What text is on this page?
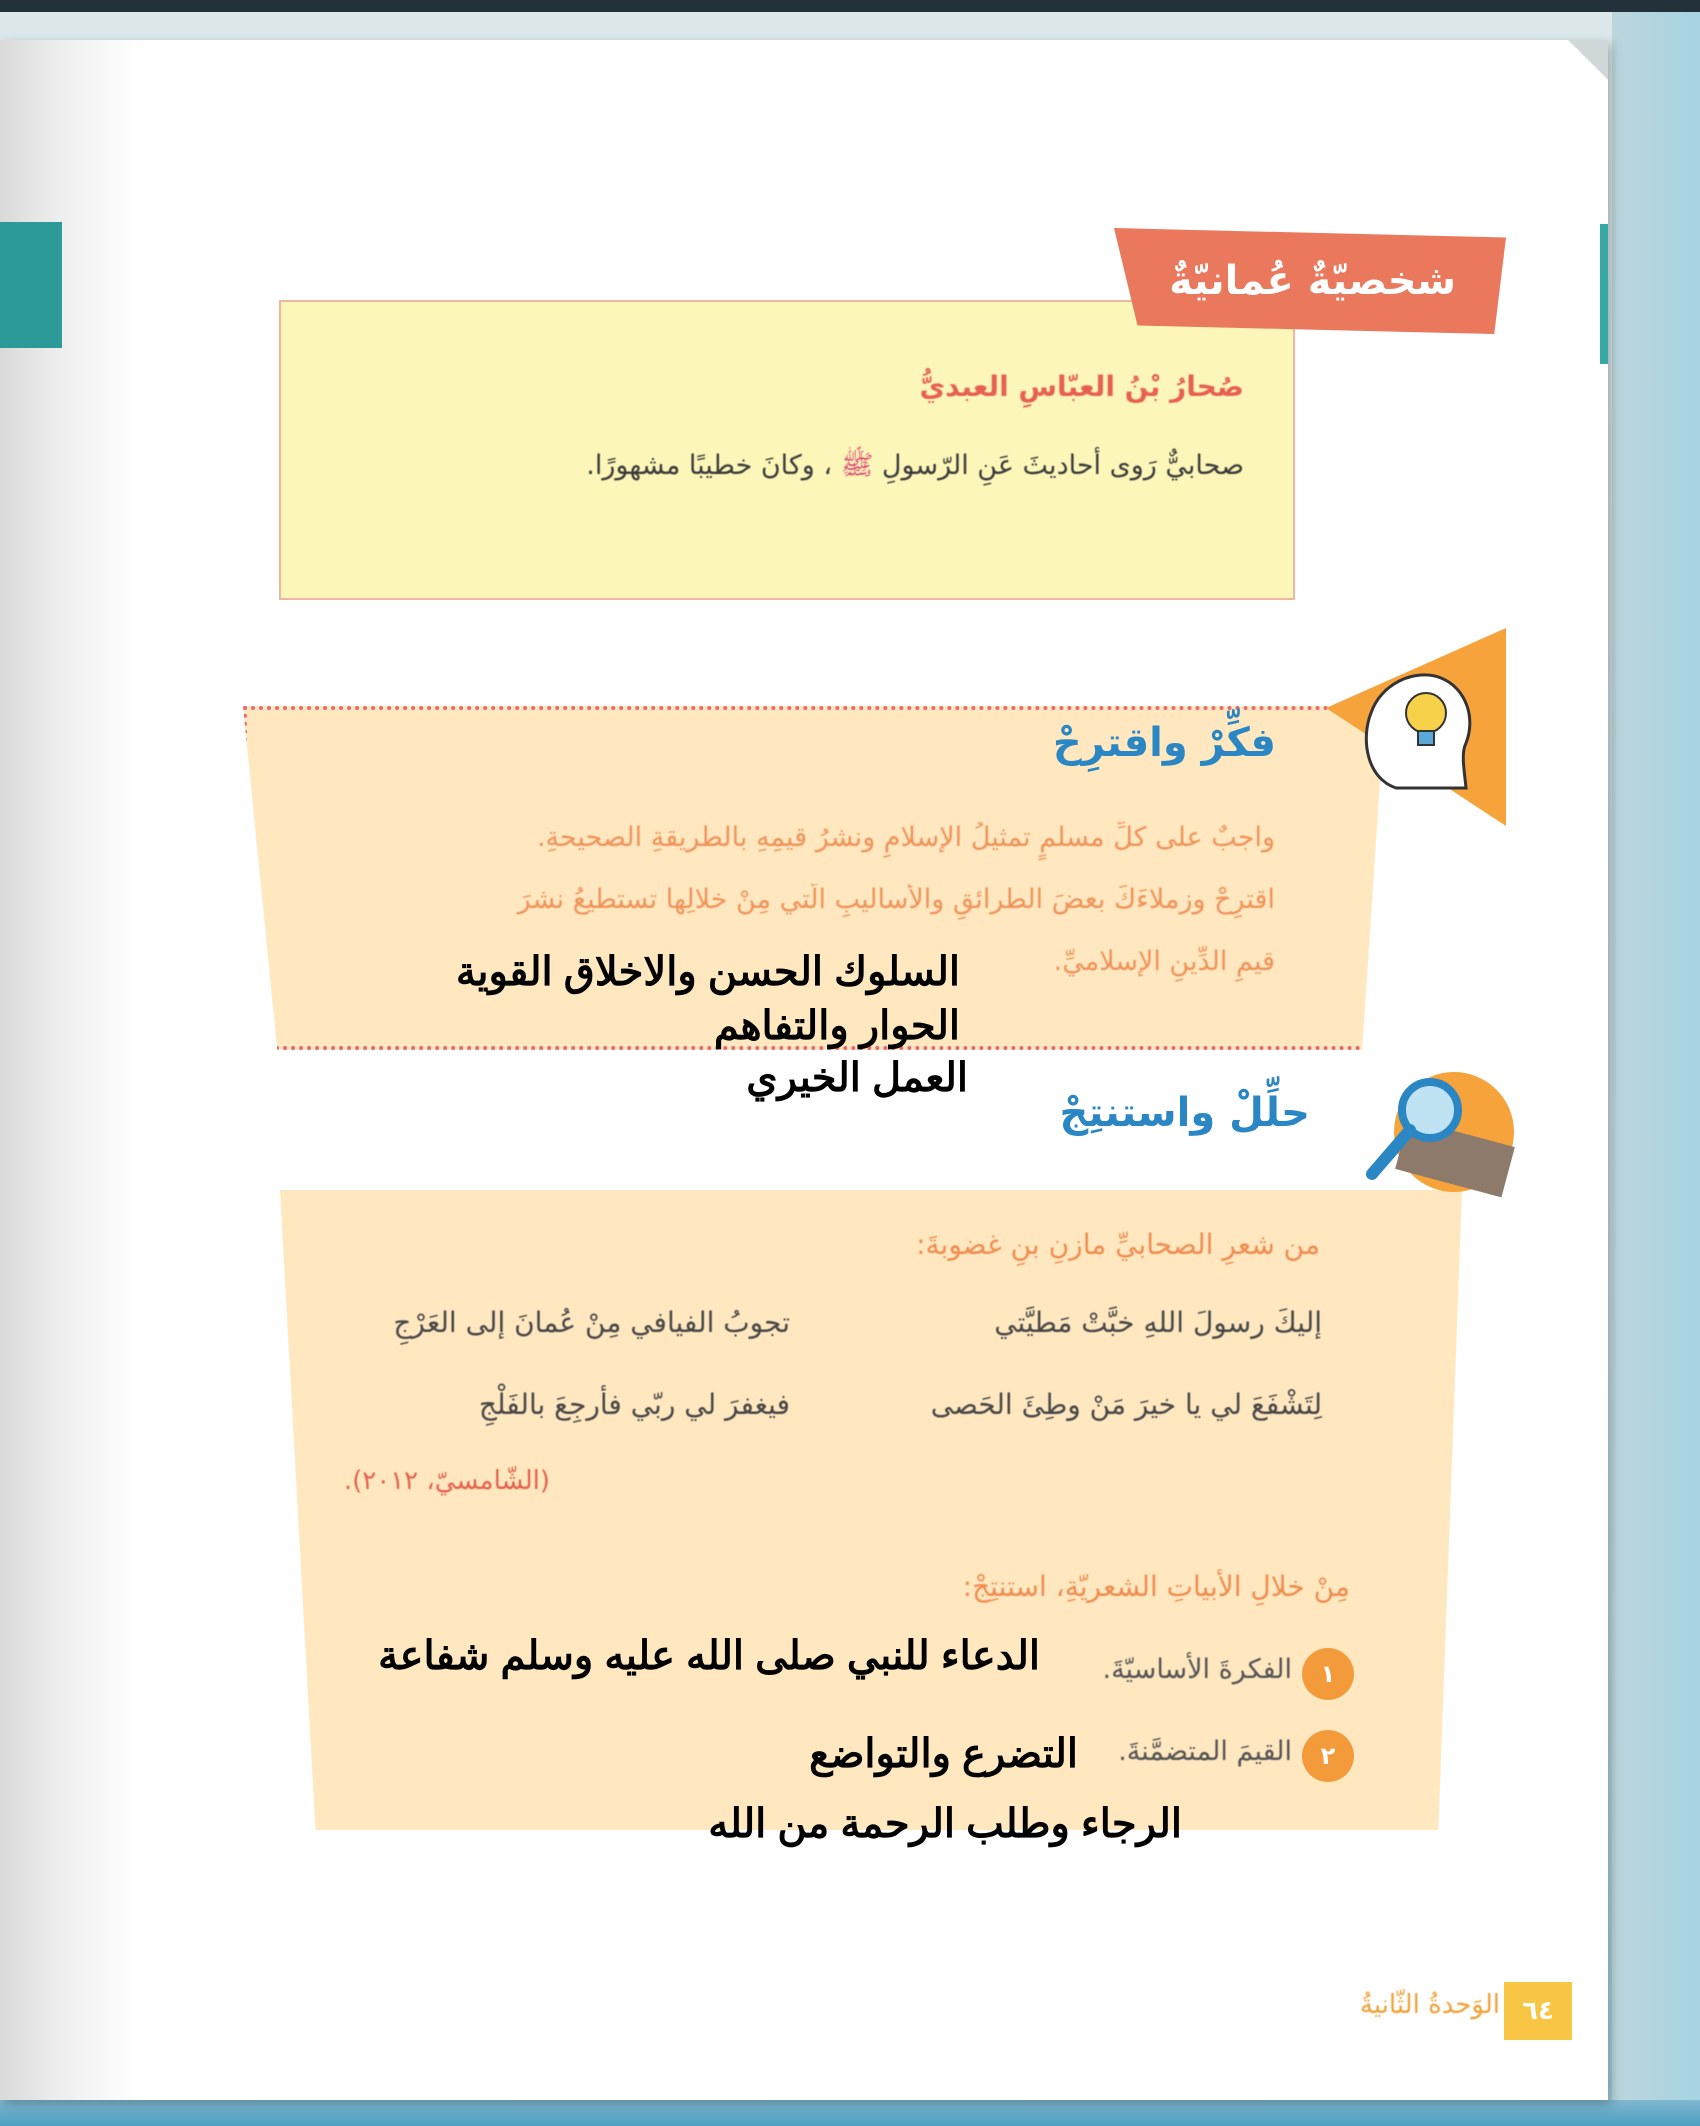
شخصيّةٌ عُمانيّةٌ
صُحارُ بْنُ العبّاسِ العبديُّ
صحابيٌّ رَوى أحاديثَ عَنِ الرّسولِ ﷺ ، وكانَ خطيبًا مشهورًا.
فكِّرْ واقترِحْ
واجبٌ على كلِّ مسلمٍ تمثيلُ الإسلامِ ونشرُ قيمِهِ بالطريقةِ الصحيحةِ.
اقترِحْ وزملاءَكَ بعضَ الطرائقِ والأساليبِ الّتي مِنْ خلالِها تستطيعُ نشرَ
قيمِ الدِّينِ الإسلاميِّ.
السلوك الحسن والاخلاق القوية
الحوار والتفاهم
العمل الخيري
حلِّلْ واستنتِجْ
من شعرِ الصحابيِّ مازنِ بنِ غضوبةَ:
إليكَ رسولَ اللهِ خبَّتْ مَطيَّتي
تجوبُ الفيافي مِنْ عُمانَ إلى العَرْجِ
لِتَشْفَعَ لي يا خيرَ مَنْ وطِئَ الحَصى
فيغفرَ لي ربّي فأرجِعَ بالفَلْجِ
(الشّامسيّ، ٢٠١٢).
مِنْ خلالِ الأبياتِ الشعريّةِ، استنتِجْ:
١
الفكرةَ الأساسيّةَ.
الدعاء للنبي صلى الله عليه وسلم شفاعة
٢
القيمَ المتضمَّنةَ.
التضرع والتواضع
الرجاء وطلب الرحمة من الله
الوَحدةُ الثّانيةُ ٦٤
